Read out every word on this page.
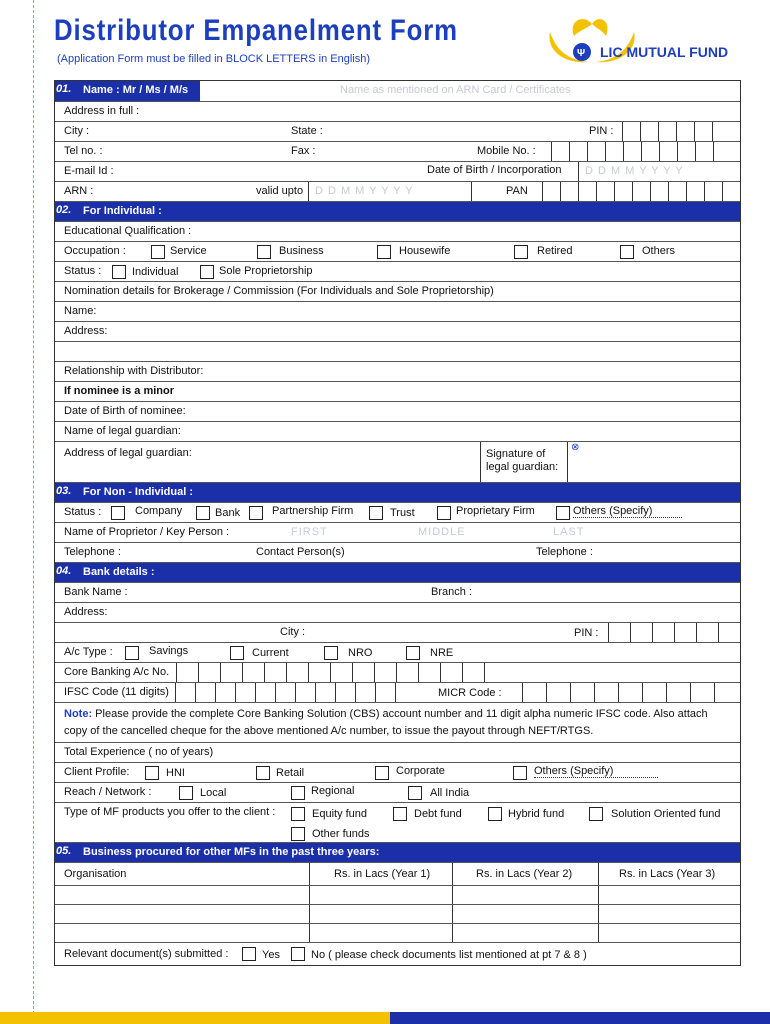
Distributor Empanelment Form
(Application Form must be filled in BLOCK LETTERS in English)	Ψ LIC MUTUAL FUND
01. Name : Mr / Ms / M/s	Name as mentioned on ARN Card / Certificates
Address in full :
City :	State :	PIN :
Tel no. :	Fax :	Mobile No. :
E-mail Id :	Date of Birth / Incorporation D D M M Y Y Y Y
ARN :	valid upto D D M M Y Y Y Y	PAN
02. For Individual :
Educational Qualification :
Occupation :	Service	Business	Housewife	Retired	Others
Status :	Individual	Sole Proprietorship
Nomination details for Brokerage / Commission (For Individuals and Sole Proprietorship)
Name:
Address:
Relationship with Distributor:
If nominee is a minor
Date of Birth of nominee:
Name of legal guardian:
Address of legal guardian:	Signature of
legal guardian:
⊗
03. For Non - Individual :
Status :	Company	Bank	Partnership Firm	Trust	Proprietary Firm	Others (Specify)
Name of Proprietor / Key Person :	FIRST	MIDDLE	LAST
Telephone :	Contact Person(s)	Telephone :
04. Bank details :
Bank Name :	Branch :
Address:
City :	PIN :
A/c Type :	Savings	Current	NRO	NRE
Core Banking A/c No.
IFSC Code (11 digits)	MICR Code :
Note: Please provide the complete Core Banking Solution (CBS) account number and 11 digit alpha numeric IFSC code. Also attach
copy of the cancelled cheque for the above mentioned A/c number, to issue the payout through NEFT/RTGS.
Total Experience ( no of years)
Client Profile:	HNI	Retail	Corporate	Others (Specify)
Reach / Network :	Local	Regional	All India
Type of MF products you offer to the client :	Equity fund	Debt fund	Hybrid fund	Solution Oriented fund
Other funds
05. Business procured for other MFs in the past three years:
Organisation	Rs. in Lacs (Year 1)	Rs. in Lacs (Year 2)	Rs. in Lacs (Year 3)
Relevant document(s) submitted :	Yes	No ( please check documents list mentioned at pt 7 & 8 )
